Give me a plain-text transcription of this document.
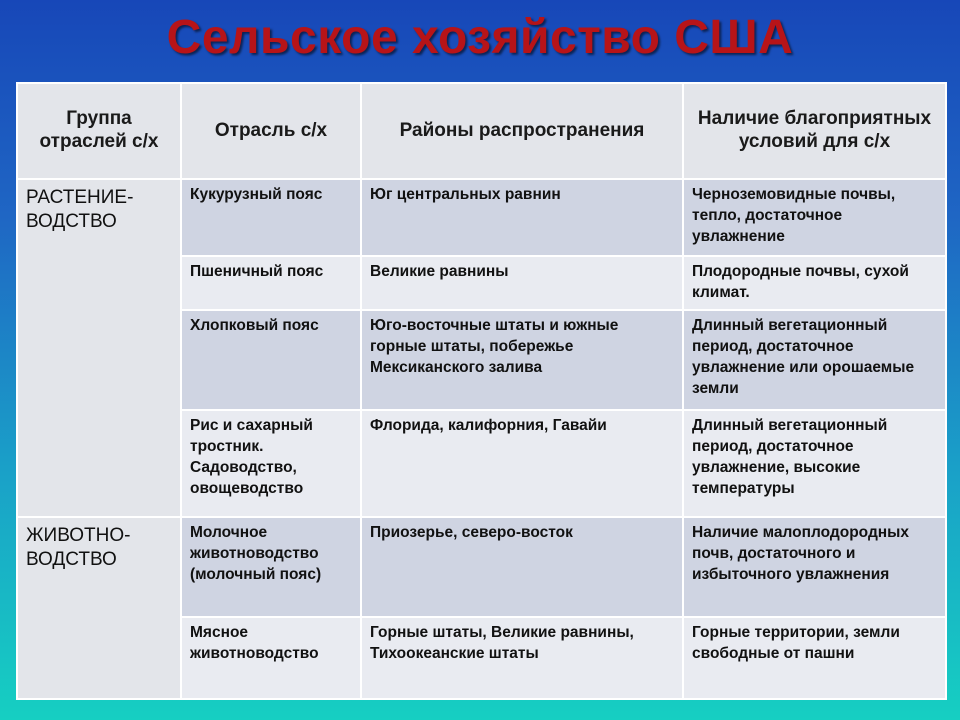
Сельское хозяйство США
Группа отраслей с/х	Отрасль с/х	Районы распространения	Наличие благоприятных условий для с/х
РАСТЕНИЕ-ВОДСТВО	Кукурузный пояс	Юг центральных равнин	Черноземовидные почвы, тепло, достаточное увлажнение
	Пшеничный пояс	Великие равнины	Плодородные почвы, сухой климат.
	Хлопковый пояс	Юго-восточные штаты и южные горные штаты, побережье Мексиканского залива	Длинный вегетационный период, достаточное увлажнение или орошаемые земли
	Рис и сахарный тростник. Садоводство, овощеводство	Флорида, калифорния, Гавайи	Длинный вегетационный период, достаточное увлажнение, высокие температуры
ЖИВОТНО-ВОДСТВО	Молочное животноводство (молочный пояс)	Приозерье, северо-восток	Наличие малоплодородных почв, достаточного и избыточного увлажнения
	Мясное животноводство	Горные штаты, Великие равнины, Тихоокеанские штаты	Горные территории, земли свободные от пашни
